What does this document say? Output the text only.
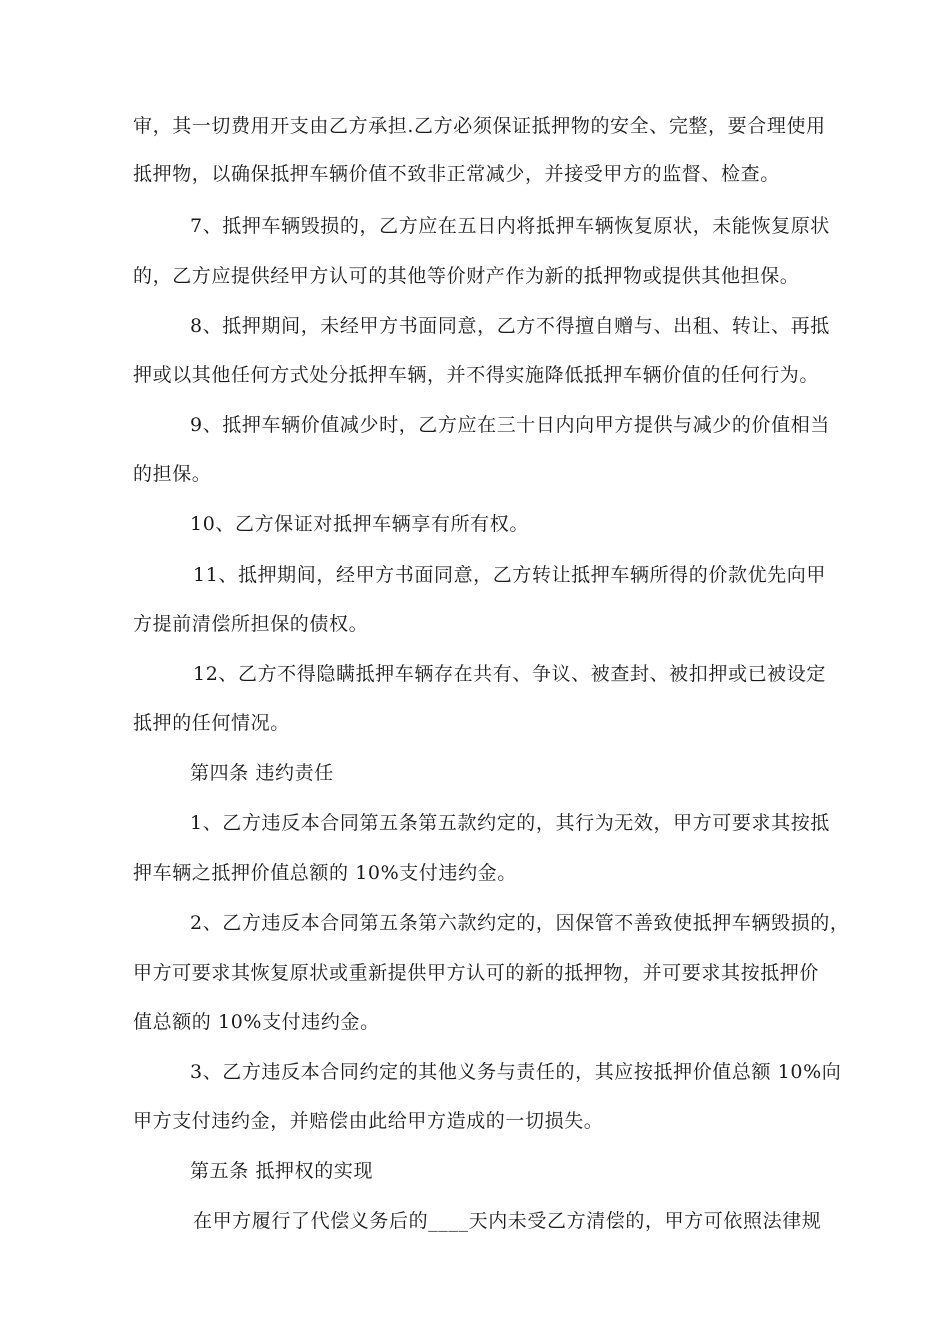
审，其一切费用开支由乙方承担.乙方必须保证抵押物的安全、完整，要合理使用
抵押物，以确保抵押车辆价值不致非正常减少，并接受甲方的监督、检查。
7、抵押车辆毁损的，乙方应在五日内将抵押车辆恢复原状，未能恢复原状
的，乙方应提供经甲方认可的其他等价财产作为新的抵押物或提供其他担保。
8、抵押期间，未经甲方书面同意，乙方不得擅自赠与、出租、转让、再抵
押或以其他任何方式处分抵押车辆，并不得实施降低抵押车辆价值的任何行为。
9、抵押车辆价值减少时，乙方应在三十日内向甲方提供与减少的价值相当
的担保。
10、乙方保证对抵押车辆享有所有权。
11、抵押期间，经甲方书面同意，乙方转让抵押车辆所得的价款优先向甲
方提前清偿所担保的债权。
12、乙方不得隐瞒抵押车辆存在共有、争议、被查封、被扣押或已被设定
抵押的任何情况。
第四条 违约责任
1、乙方违反本合同第五条第五款约定的，其行为无效，甲方可要求其按抵
押车辆之抵押价值总额的 10%支付违约金。
2、乙方违反本合同第五条第六款约定的，因保管不善致使抵押车辆毁损的，
甲方可要求其恢复原状或重新提供甲方认可的新的抵押物，并可要求其按抵押价
值总额的 10%支付违约金。
3、乙方违反本合同约定的其他义务与责任的，其应按抵押价值总额 10%向
甲方支付违约金，并赔偿由此给甲方造成的一切损失。
第五条 抵押权的实现
在甲方履行了代偿义务后的____天内未受乙方清偿的，甲方可依照法律规
